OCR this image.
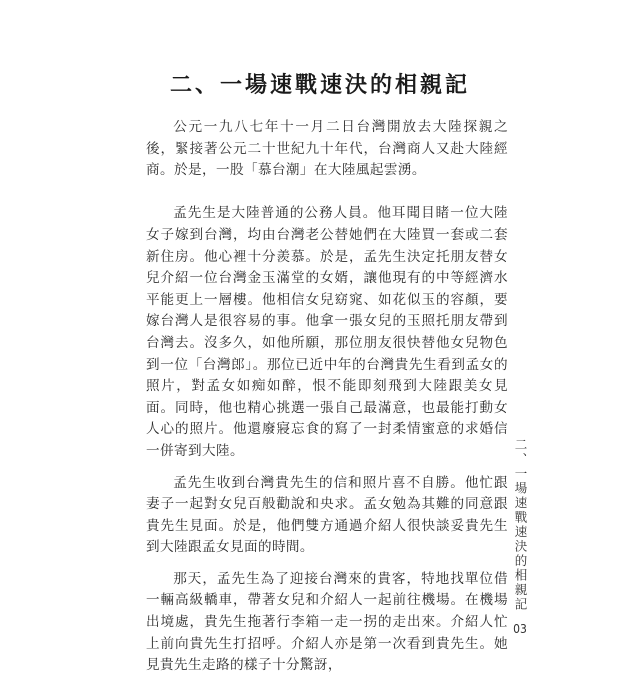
二、一場速戰速決的相親記

公元一九八七年十一月二日台灣開放去大陸探親之後，緊接著公元二十世紀九十年代，台灣商人又赴大陸經商。於是，一股「慕台潮」在大陸風起雲湧。

孟先生是大陸普通的公務人員。他耳聞目睹一位大陸女子嫁到台灣，均由台灣老公替她們在大陸買一套或二套新住房。他心裡十分羨慕。於是，孟先生決定托朋友替女兒介紹一位台灣金玉滿堂的女婿，讓他現有的中等經濟水平能更上一層樓。他相信女兒窈窕、如花似玉的容顏，要嫁台灣人是很容易的事。他拿一張女兒的玉照托朋友帶到台灣去。沒多久，如他所願，那位朋友很快替他女兒物色到一位「台灣郎」。那位已近中年的台灣貴先生看到孟女的照片，對孟女如痴如醉，恨不能即刻飛到大陸跟美女見面。同時，他也精心挑選一張自己最滿意，也最能打動女人心的照片。他還廢寢忘食的寫了一封柔情蜜意的求婚信一併寄到大陸。

孟先生收到台灣貴先生的信和照片喜不自勝。他忙跟妻子一起對女兒百般勸說和央求。孟女勉為其難的同意跟貴先生見面。於是，他們雙方通過介紹人很快談妥貴先生到大陸跟孟女見面的時間。

那天，孟先生為了迎接台灣來的貴客，特地找單位借一輛高級轎車，帶著女兒和介紹人一起前往機場。在機場出境處，貴先生拖著行李箱一走一拐的走出來。介紹人忙上前向貴先生打招呼。介紹人亦是第一次看到貴先生。她見貴先生走路的樣子十分驚訝，

二、一場速戰速決的相親記
03
